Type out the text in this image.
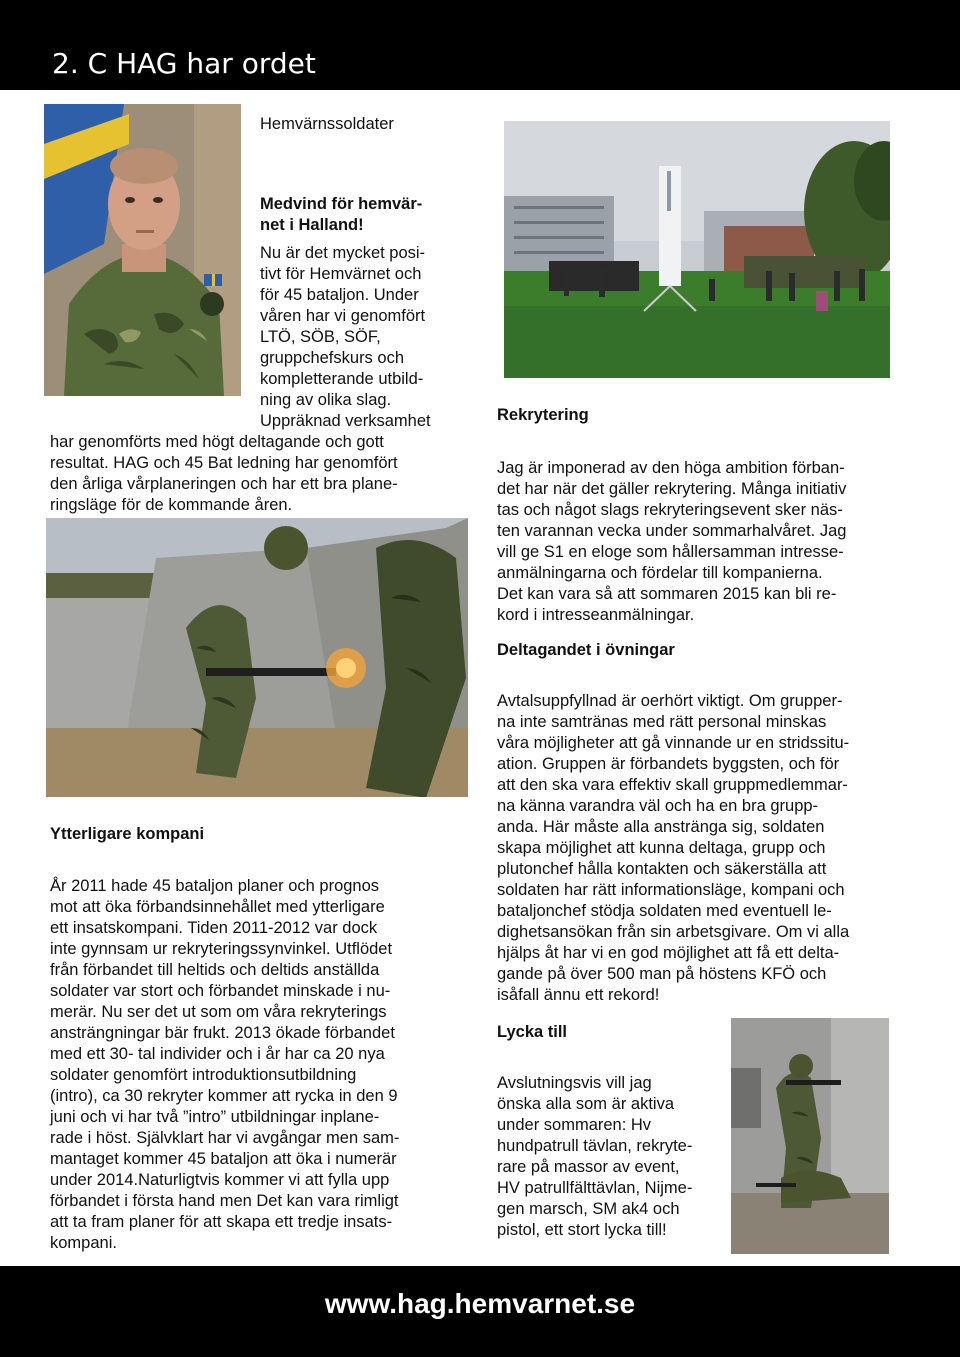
2. C HAG har ordet

Hemvärnssoldater

Medvind för hemvär-
net i Halland!

Nu är det mycket posi-
tivt för Hemvärnet och
för 45 bataljon. Under
våren har vi genomfört
LTÖ, SÖB, SÖF,
gruppchefskurs och
kompletterande utbild-
ning av olika slag.
Uppräknad verksamhet

har genomförts med högt deltagande och gott
resultat. HAG och 45 Bat ledning har genomfört
den årliga vårplaneringen och har ett bra plane-
ringsläge för de kommande åren.

Rekrytering

Jag är imponerad av den höga ambition förban-
det har när det gäller rekrytering. Många initiativ
tas och något slags rekryteringsevent sker näs-
ten varannan vecka under sommarhalvåret. Jag
vill ge S1 en eloge som hållersamman intresse-
anmälningarna och fördelar till kompanierna.
Det kan vara så att sommaren 2015 kan bli re-
kord i intresseanmälningar.

Deltagandet i övningar

Avtalsuppfyllnad är oerhört viktigt. Om grupper-
na inte samtränas med rätt personal minskas
våra möjligheter att gå vinnande ur en stridssitu-
ation. Gruppen är förbandets byggsten, och för
att den ska vara effektiv skall gruppmedlemmar-
na känna varandra väl och ha en bra grupp-
anda. Här måste alla anstränga sig, soldaten
skapa möjlighet att kunna deltaga, grupp och
plutonchef hålla kontakten och säkerställa att
soldaten har rätt informationsläge, kompani och
bataljonchef stödja soldaten med eventuell le-
dighetsansökan från sin arbetsgivare. Om vi alla
hjälps åt har vi en god möjlighet att få ett delta-
gande på över 500 man på höstens KFÖ och
isåfall ännu ett rekord!

Ytterligare kompani

År 2011 hade 45 bataljon planer och prognos
mot att öka förbandsinnehållet med ytterligare
ett insatskompani. Tiden 2011-2012 var dock
inte gynnsam ur rekryteringssynvinkel. Utflödet
från förbandet till heltids och deltids anställda
soldater var stort och förbandet minskade i nu-
merär. Nu ser det ut som om våra rekryterings
ansträngningar bär frukt. 2013 ökade förbandet
med ett 30- tal individer och i år har ca 20 nya
soldater genomfört introduktionsutbildning
(intro), ca 30 rekryter kommer att rycka in den 9
juni och vi har två ”intro” utbildningar inplane-
rade i höst. Självklart har vi avgångar men sam-
mantaget kommer 45 bataljon att öka i numerär
under 2014.Naturligtvis kommer vi att fylla upp
förbandet i första hand men Det kan vara rimligt
att ta fram planer för att skapa ett tredje insats-
kompani.

Lycka till

Avslutningsvis vill jag
önska alla som är aktiva
under sommaren: Hv
hundpatrull tävlan, rekryte-
rare på massor av event,
HV patrullfälttävlan, Nijme-
gen marsch, SM ak4 och
pistol, ett stort lycka till!

www.hag.hemvarnet.se
